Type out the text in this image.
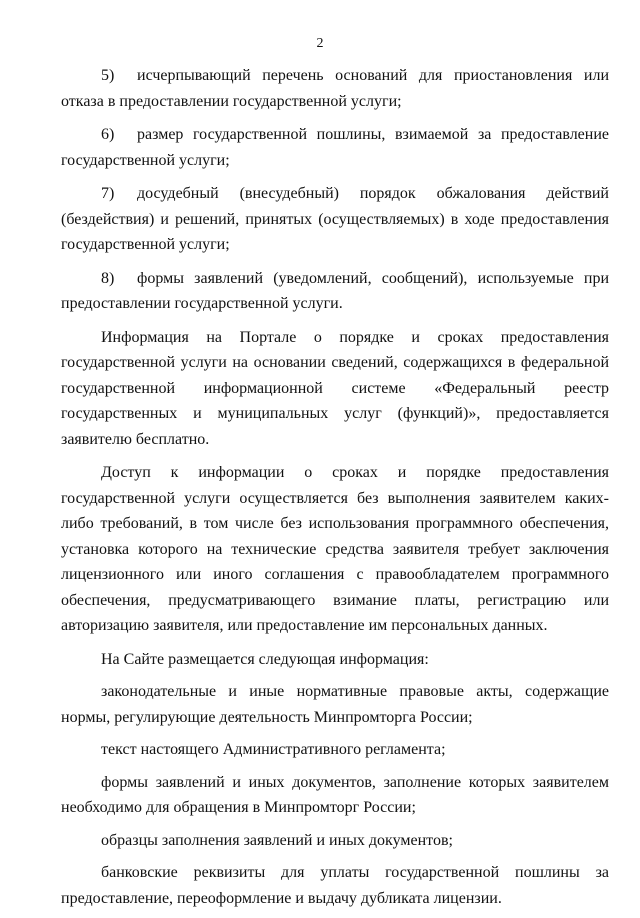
2

5) исчерпывающий перечень оснований для приостановления или отказа в предоставлении государственной услуги;

6) размер государственной пошлины, взимаемой за предоставление государственной услуги;

7) досудебный (внесудебный) порядок обжалования действий (бездействия) и решений, принятых (осуществляемых) в ходе предоставления государственной услуги;

8) формы заявлений (уведомлений, сообщений), используемые при предоставлении государственной услуги.

Информация на Портале о порядке и сроках предоставления государственной услуги на основании сведений, содержащихся в федеральной государственной информационной системе «Федеральный реестр государственных и муниципальных услуг (функций)», предоставляется заявителю бесплатно.

Доступ к информации о сроках и порядке предоставления государственной услуги осуществляется без выполнения заявителем каких-либо требований, в том числе без использования программного обеспечения, установка которого на технические средства заявителя требует заключения лицензионного или иного соглашения с правообладателем программного обеспечения, предусматривающего взимание платы, регистрацию или авторизацию заявителя, или предоставление им персональных данных.

На Сайте размещается следующая информация:

законодательные и иные нормативные правовые акты, содержащие нормы, регулирующие деятельность Минпромторга России;

текст настоящего Административного регламента;

формы заявлений и иных документов, заполнение которых заявителем необходимо для обращения в Минпромторг России;

образцы заполнения заявлений и иных документов;

банковские реквизиты для уплаты государственной пошлины за предоставление, переоформление и выдачу дубликата лицензии.
